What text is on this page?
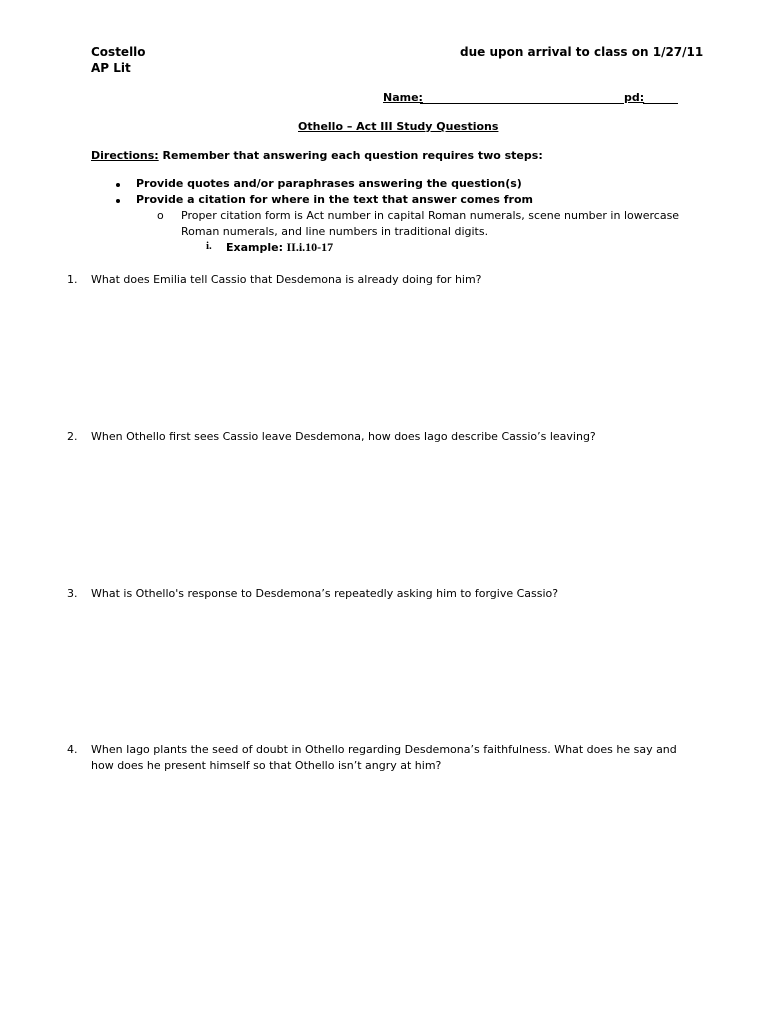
Costello
AP Lit
due upon arrival to class on 1/27/11
Name:	pd:
Othello – Act III Study Questions
Directions: Remember that answering each question requires two steps:
Provide quotes and/or paraphrases answering the question(s)
Provide a citation for where in the text that answer comes from
o Proper citation form is Act number in capital Roman numerals, scene number in lowercase
Roman numerals, and line numbers in traditional digits.
i. Example: II.i.10-17
1. What does Emilia tell Cassio that Desdemona is already doing for him?
2. When Othello first sees Cassio leave Desdemona, how does Iago describe Cassio’s leaving?
3. What is Othello's response to Desdemona’s repeatedly asking him to forgive Cassio?
4. When Iago plants the seed of doubt in Othello regarding Desdemona’s faithfulness. What does he say and
how does he present himself so that Othello isn’t angry at him?
